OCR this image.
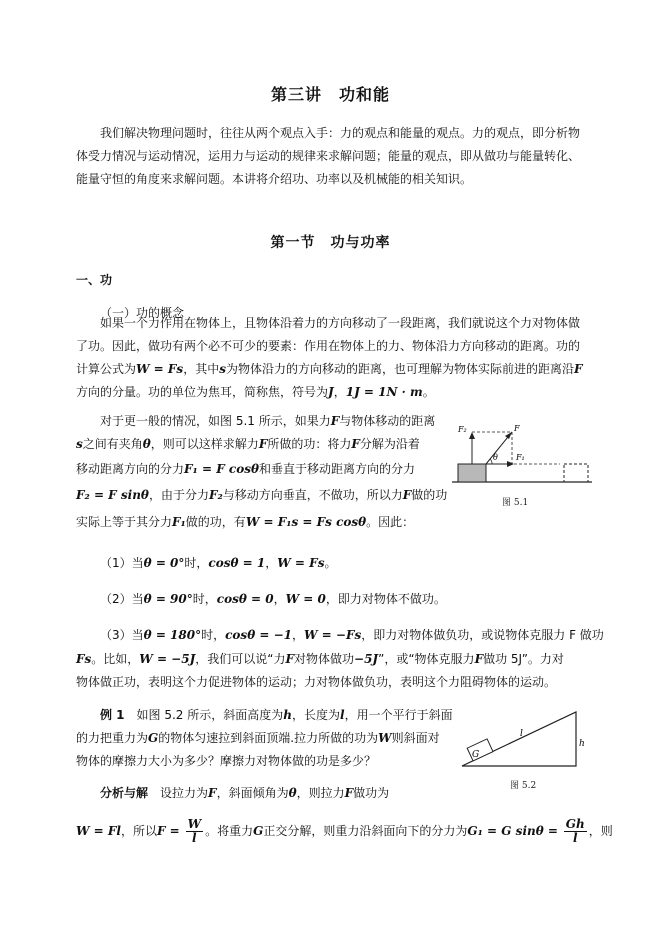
第三讲　功和能
我们解决物理问题时，往往从两个观点入手：力的观点和能量的观点。力的观点，即分析物体受力情况与运动情况，运用力与运动的规律来求解问题；能量的观点，即从做功与能量转化、能量守恒的角度来求解问题。本讲将介绍功、功率以及机械能的相关知识。
第一节　功与功率
一、功
（一）功的概念
如果一个力作用在物体上，且物体沿着力的方向移动了一段距离，我们就说这个力对物体做了功。因此，做功有两个必不可少的要素：作用在物体上的力、物体沿力方向移动的距离。功的计算公式为W = Fs，其中s为物体沿力的方向移动的距离，也可理解为物体实际前进的距离沿F方向的分量。功的单位为焦耳，简称焦，符号为J，1J = 1N · m。
对于更一般的情况，如图 5.1 所示，如果力F与物体移动的距离
s之间有夹角θ，则可以这样求解力F所做的功：将力F分解为沿着
移动距离方向的分力F₁ = F cosθ和垂直于移动距离方向的分力
F₂ = F sinθ，由于分力F₂与移动方向垂直，不做功，所以力F做的功
实际上等于其分力F₁做的功，有W = F₁s = Fs cosθ。因此：
F₂	F
F₁
θ
图 5.1
（1）当θ = 0°时，cosθ = 1，W = Fs。
（2）当θ = 90°时，cosθ = 0，W = 0，即力对物体不做功。
（3）当θ = 180°时，cosθ = −1，W = −Fs，即力对物体做负功，或说物体克服力 F 做功
Fs。比如，W = −5J，我们可以说“力F对物体做功−5J”，或“物体克服力F做功 5J”。力对
物体做正功，表明这个力促进物体的运动；力对物体做负功，表明这个力阻碍物体的运动。
例 1　如图 5.2 所示，斜面高度为h，长度为l，用一个平行于斜面
的力把重力为G的物体匀速拉到斜面顶端.拉力所做的功为W则斜面对
物体的摩擦力大小为多少？摩擦力对物体做的功是多少？	G
l
h
图 5.2
分析与解　设拉力为F，斜面倾角为θ，则拉力F做功为
W = Fl，所以$F = \frac{W}{l}$ 。将重力G正交分解，则重力沿斜面向下的分力为G₁ = G $\sin\theta = \frac{Gh}{l}$ ，则
